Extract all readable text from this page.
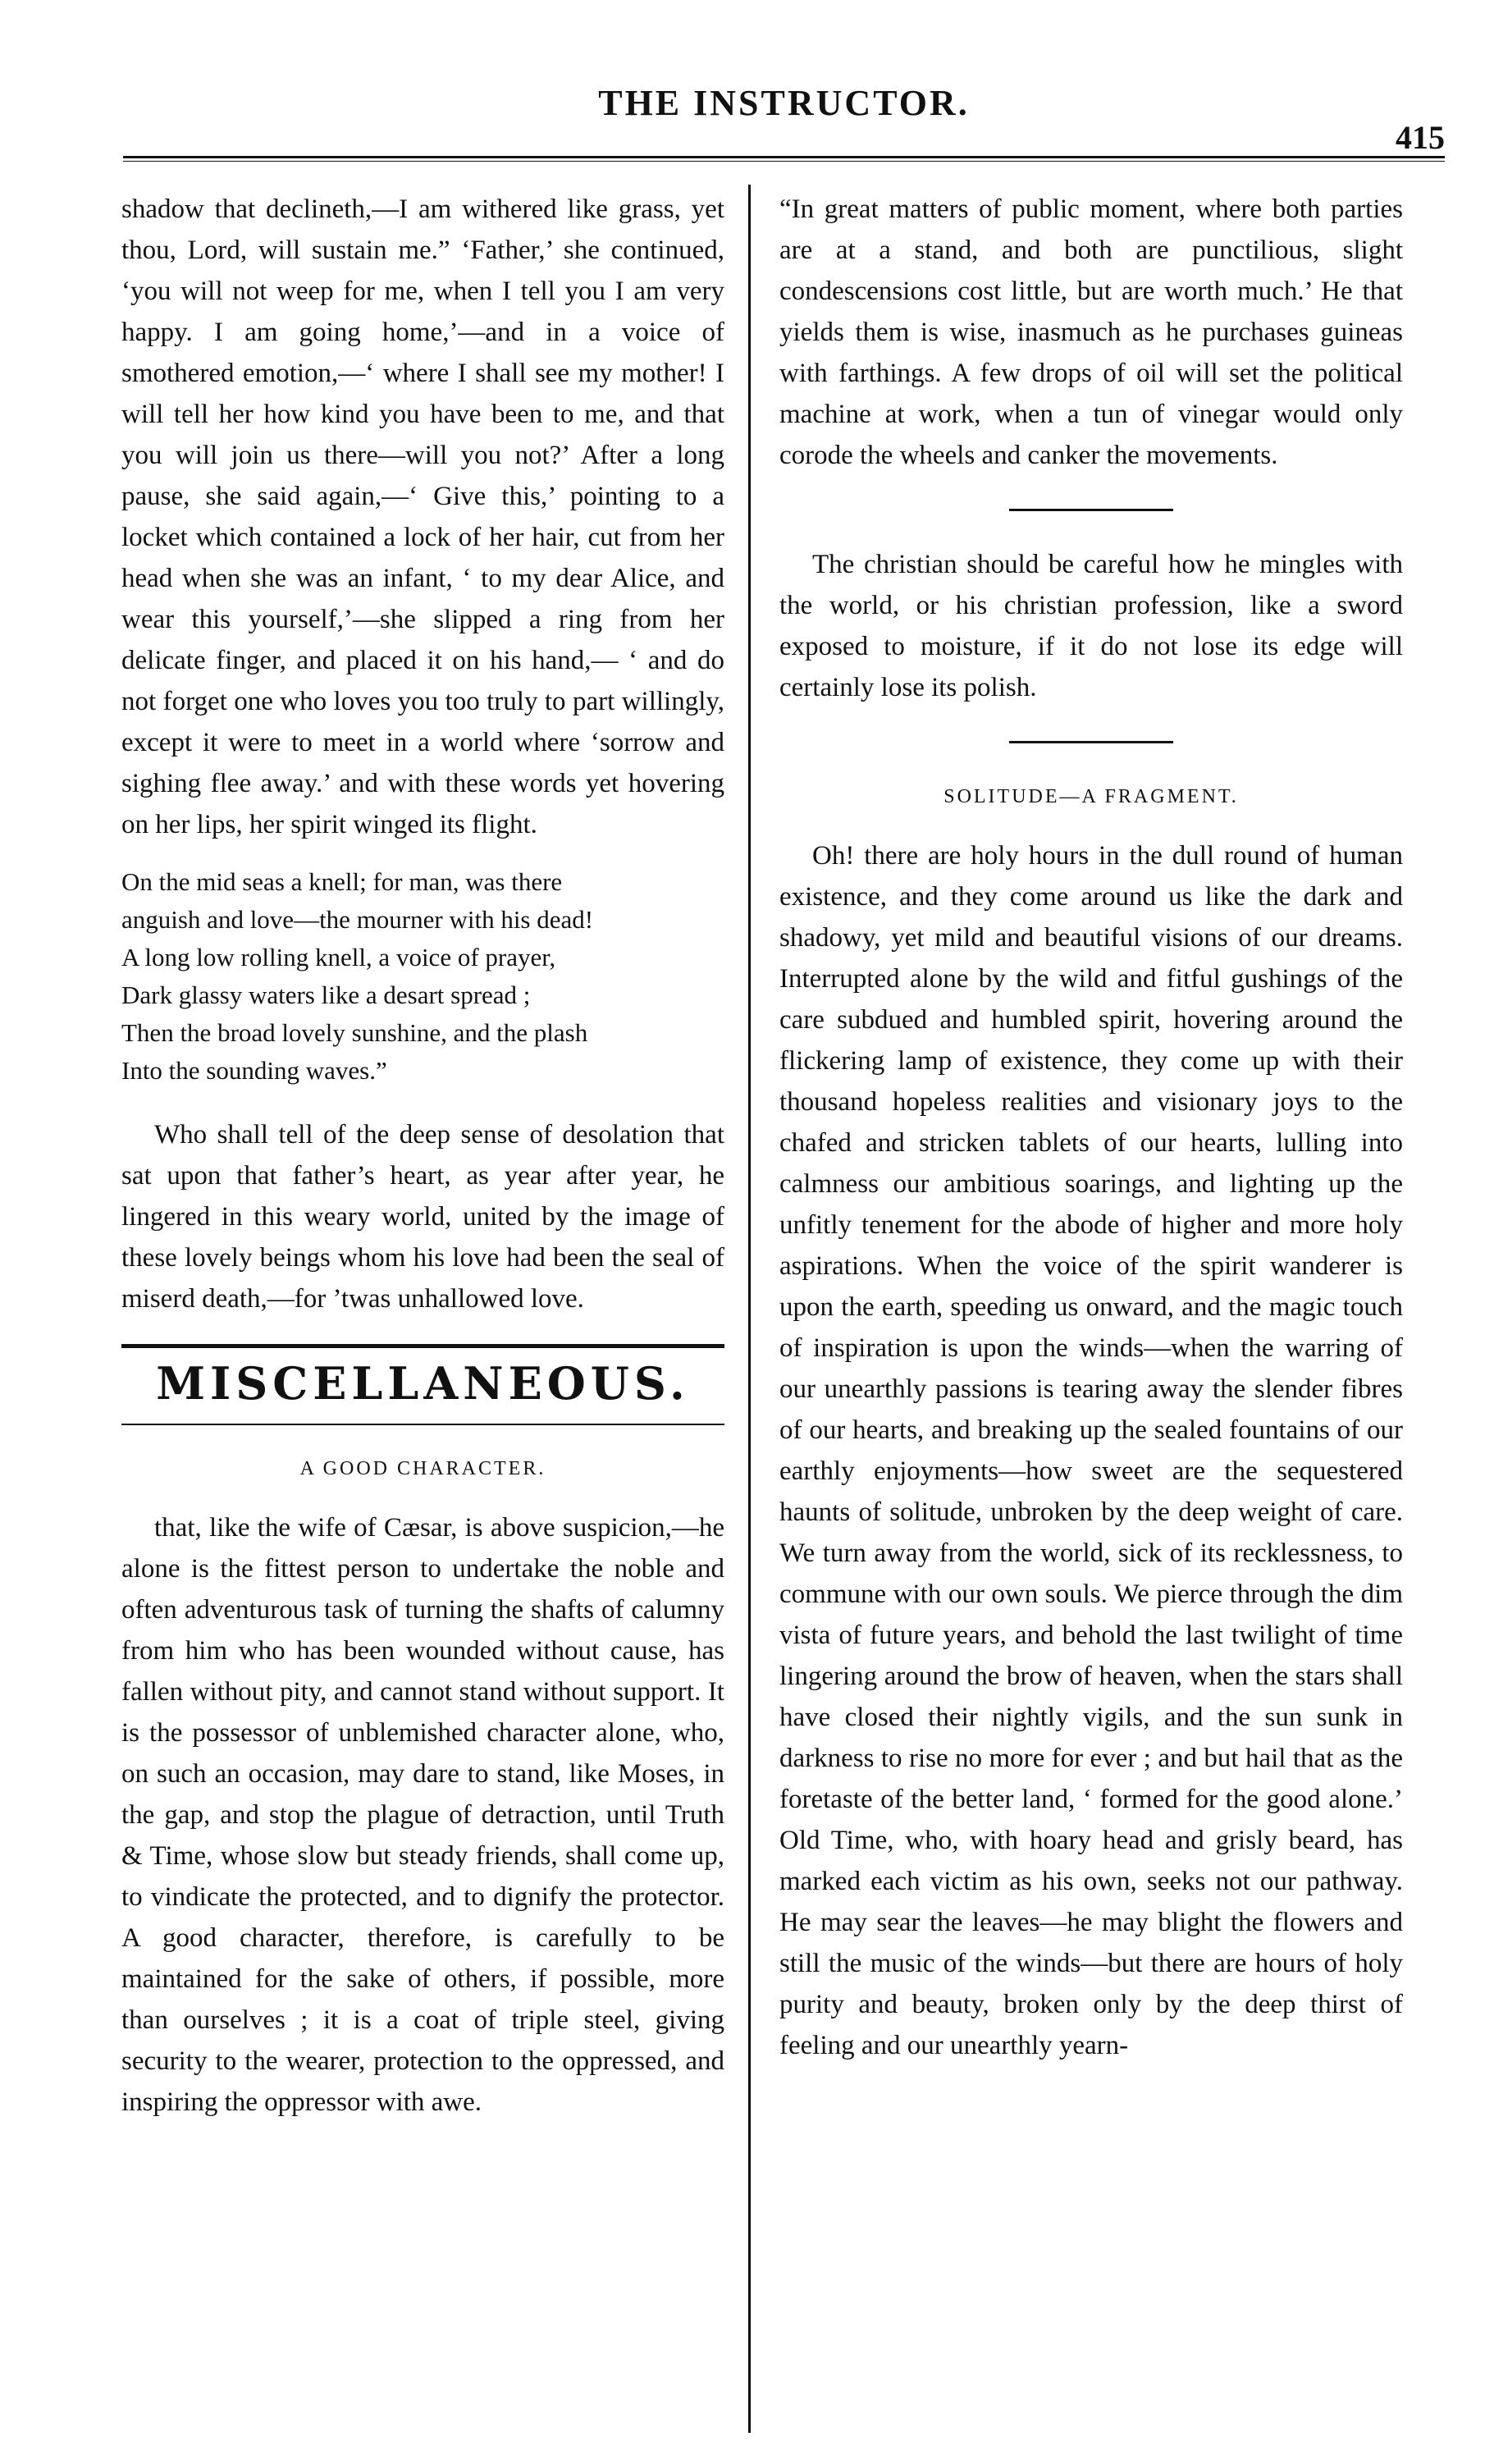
THE INSTRUCTOR.
415

shadow that declineth,—I am withered like grass, yet thou, Lord, will sustain me.” ‘Father,’ she continued, ‘you will not weep for me, when I tell you I am very happy. I am going home,’—and in a voice of smothered emotion,—‘ where I shall see my mother! I will tell her how kind you have been to me, and that you will join us there—will you not?’ After a long pause, she said again,—‘ Give this,’ pointing to a locket which contained a lock of her hair, cut from her head when she was an infant, ‘ to my dear Alice, and wear this yourself,’—she slipped a ring from her delicate finger, and placed it on his hand,— ‘ and do not forget one who loves you too truly to part willingly, except it were to meet in a world where ‘sorrow and sighing flee away.’ and with these words yet hovering on her lips, her spirit winged its flight.

On the mid seas a knell; for man, was there

anguish and love—the mourner with his dead!

A long low rolling knell, a voice of prayer,

Dark glassy waters like a desart spread ;

Then the broad lovely sunshine, and the plash

Into the sounding waves.”

Who shall tell of the deep sense of desolation that sat upon that father’s heart, as year after year, he lingered in this weary world, united by the image of these lovely beings whom his love had been the seal of miserd death,—for ’twas unhallowed love.

MISCELLANEOUS.
A GOOD CHARACTER.

that, like the wife of Cæsar, is above suspicion,—he alone is the fittest person to undertake the noble and often adventurous task of turning the shafts of calumny from him who has been wounded without cause, has fallen without pity, and cannot stand without support. It is the possessor of unblemished character alone, who, on such an occasion, may dare to stand, like Moses, in the gap, and stop the plague of detraction, until Truth & Time, whose slow but steady friends, shall come up, to vindicate the protected, and to dignify the protector. A good character, therefore, is carefully to be maintained for the sake of others, if possible, more than ourselves ; it is a coat of triple steel, giving security to the wearer, protection to the oppressed, and inspiring the oppressor with awe.

“In great matters of public moment, where both parties are at a stand, and both are punctilious, slight condescensions cost little, but are worth much.’ He that yields them is wise, inasmuch as he purchases guineas with farthings. A few drops of oil will set the political machine at work, when a tun of vinegar would only corode the wheels and canker the movements.

The christian should be careful how he mingles with the world, or his christian profession, like a sword exposed to moisture, if it do not lose its edge will certainly lose its polish.

SOLITUDE—A FRAGMENT.

Oh! there are holy hours in the dull round of human existence, and they come around us like the dark and shadowy, yet mild and beautiful visions of our dreams. Interrupted alone by the wild and fitful gushings of the care subdued and humbled spirit, hovering around the flickering lamp of existence, they come up with their thousand hopeless realities and visionary joys to the chafed and stricken tablets of our hearts, lulling into calmness our ambitious soarings, and lighting up the unfitly tenement for the abode of higher and more holy aspirations. When the voice of the spirit wanderer is upon the earth, speeding us onward, and the magic touch of inspiration is upon the winds—when the warring of our unearthly passions is tearing away the slender fibres of our hearts, and breaking up the sealed fountains of our earthly enjoyments—how sweet are the sequestered haunts of solitude, unbroken by the deep weight of care. We turn away from the world, sick of its recklessness, to commune with our own souls. We pierce through the dim vista of future years, and behold the last twilight of time lingering around the brow of heaven, when the stars shall have closed their nightly vigils, and the sun sunk in darkness to rise no more for ever ; and but hail that as the foretaste of the better land, ‘ formed for the good alone.’ Old Time, who, with hoary head and grisly beard, has marked each victim as his own, seeks not our pathway. He may sear the leaves—he may blight the flowers and still the music of the winds—but there are hours of holy purity and beauty, broken only by the deep thirst of feeling and our unearthly yearn-
